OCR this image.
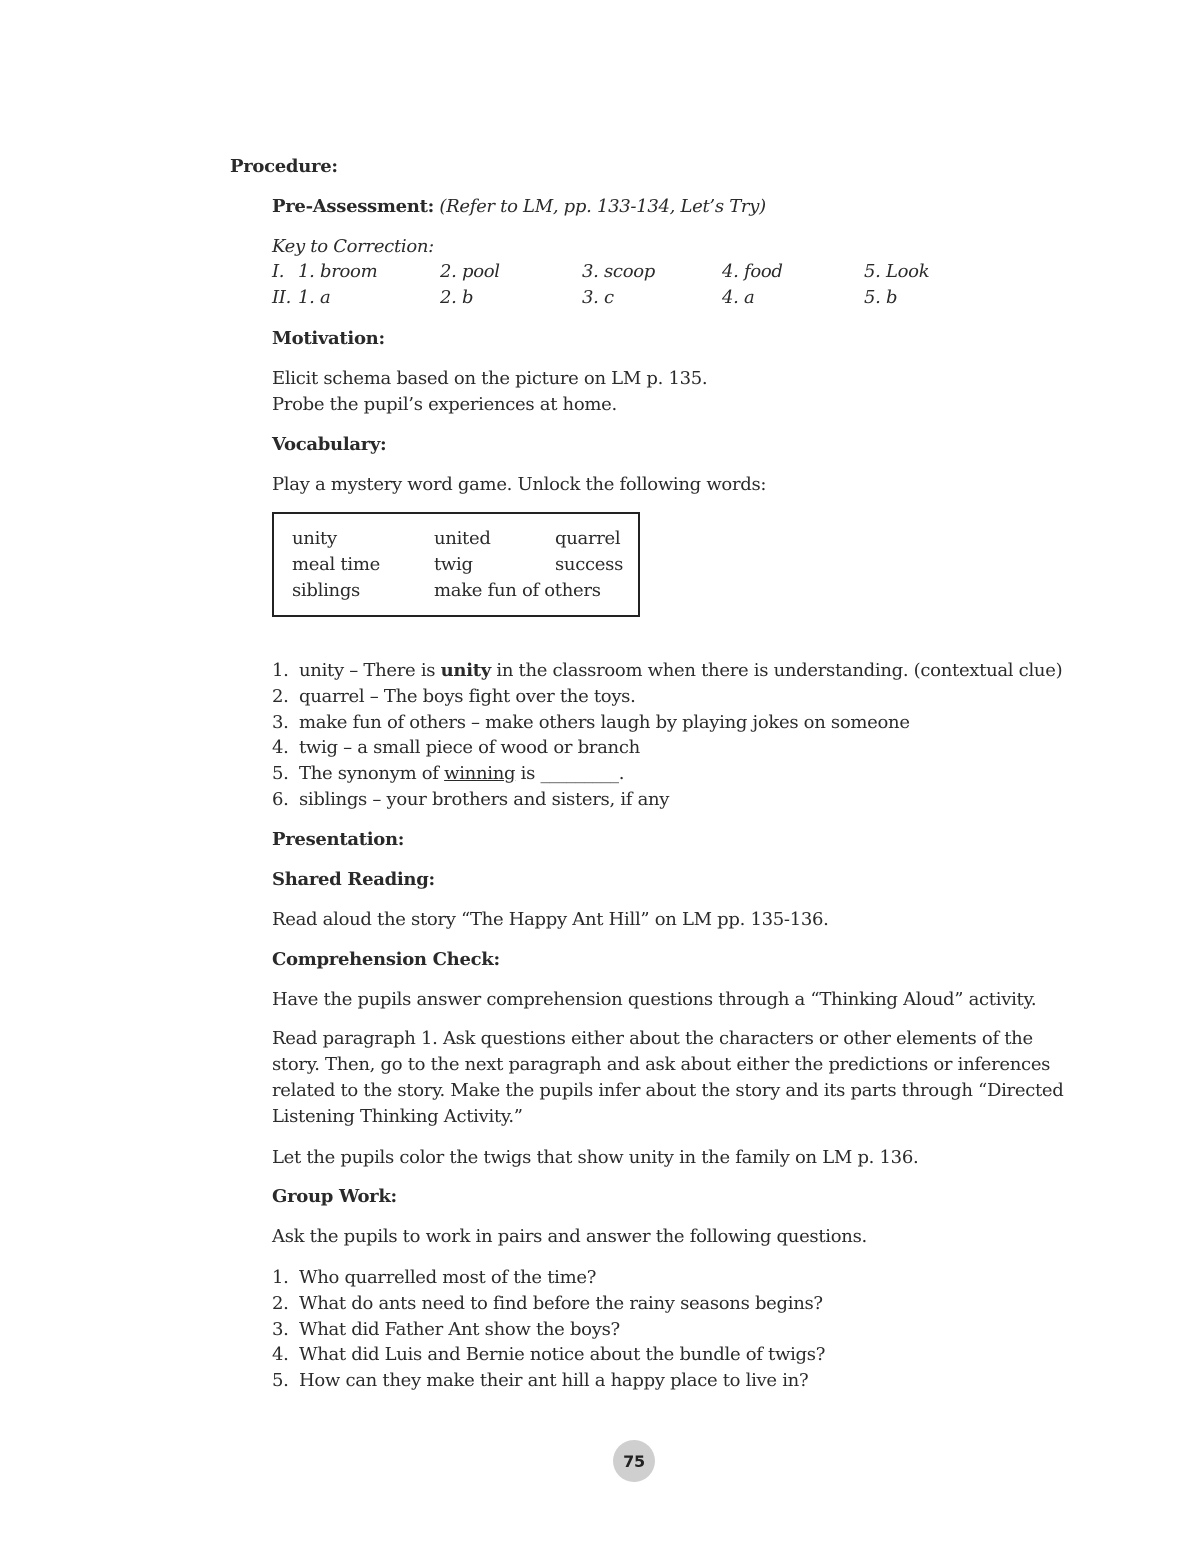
Procedure:
Pre-Assessment: (Refer to LM, pp. 133-134, Let’s Try)
Key to Correction:
I. 1. broom	2. pool	3. scoop	4. food	5. Look
II. 1. a	2. b	3. c	4. a	5. b
Motivation:
Elicit schema based on the picture on LM p. 135.
Probe the pupil’s experiences at home.
Vocabulary:
Play a mystery word game. Unlock the following words:
unity	united	quarrel
meal time	twig	success
siblings	make fun of others
1. unity – There is unity in the classroom when there is understanding. (contextual clue)
2. quarrel – The boys fight over the toys.
3. make fun of others – make others laugh by playing jokes on someone
4. twig – a small piece of wood or branch
5. The synonym of winning is _________.
6. siblings – your brothers and sisters, if any
Presentation:
Shared Reading:
Read aloud the story “The Happy Ant Hill” on LM pp. 135-136.
Comprehension Check:
Have the pupils answer comprehension questions through a “Thinking Aloud” activity.
Read paragraph 1. Ask questions either about the characters or other elements of the
story. Then, go to the next paragraph and ask about either the predictions or inferences
related to the story. Make the pupils infer about the story and its parts through “Directed
Listening Thinking Activity.”
Let the pupils color the twigs that show unity in the family on LM p. 136.
Group Work:
Ask the pupils to work in pairs and answer the following questions.
1. Who quarrelled most of the time?
2. What do ants need to find before the rainy seasons begins?
3. What did Father Ant show the boys?
4. What did Luis and Bernie notice about the bundle of twigs?
5. How can they make their ant hill a happy place to live in?
75
